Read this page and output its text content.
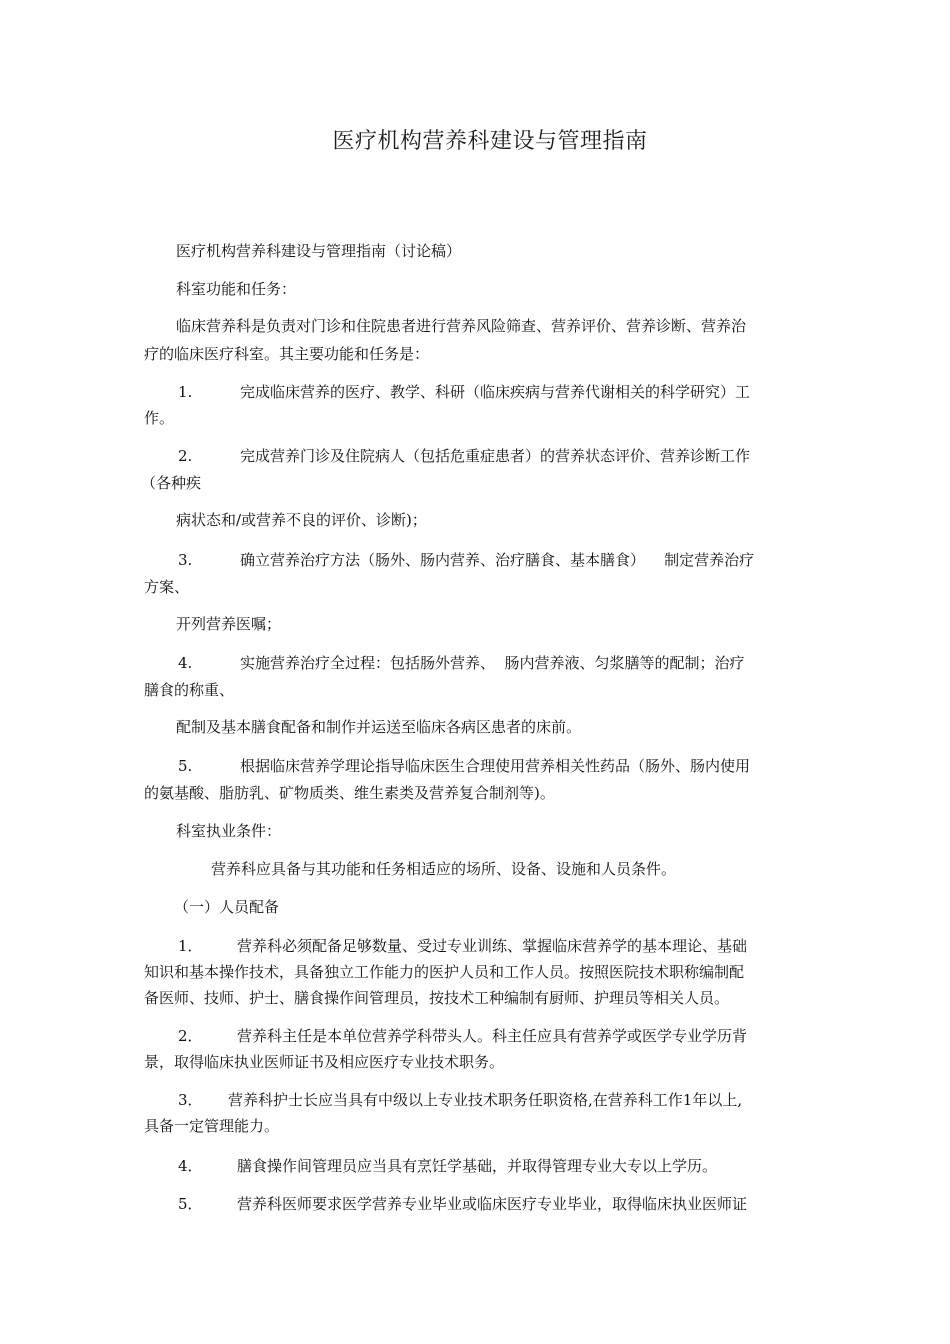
医疗机构营养科建设与管理指南
医疗机构营养科建设与管理指南（讨论稿）
科室功能和任务：
临床营养科是负责对门诊和住院患者进行营养风险筛查、营养评价、营养诊断、营养治
疗的临床医疗科室。其主要功能和任务是：
1.	完成临床营养的医疗、教学、科研（临床疾病与营养代谢相关的科学研究）工
作。
2.	完成营养门诊及住院病人（包括危重症患者）的营养状态评价、营养诊断工作
（各种疾
病状态和/或营养不良的评价、诊断)；
3.	确立营养治疗方法（肠外、肠内营养、治疗膳食、基本膳食）    制定营养治疗
方案、
开列营养医嘱；
4.	实施营养治疗全过程：包括肠外营养、  肠内营养液、匀浆膳等的配制；治疗
膳食的称重、
配制及基本膳食配备和制作并运送至临床各病区患者的床前。
5.	根据临床营养学理论指导临床医生合理使用营养相关性药品（肠外、肠内使用
的氨基酸、脂肪乳、矿物质类、维生素类及营养复合制剂等)。
科室执业条件：
营养科应具备与其功能和任务相适应的场所、设备、设施和人员条件。
（一）人员配备
1． 营养科必须配备足够数量、受过专业训练、掌握临床营养学的基本理论、基础
知识和基本操作技术，具备独立工作能力的医护人员和工作人员。按照医院技术职称编制配
备医师、技师、护士、膳食操作间管理员，按技术工种编制有厨师、护理员等相关人员。
2． 营养科主任是本单位营养学科带头人。科主任应具有营养学或医学专业学历背
景，取得临床执业医师证书及相应医疗专业技术职务。
3． 营养科护士长应当具有中级以上专业技术职务任职资格,在营养科工作1年以上,
具备一定管理能力。
4． 膳食操作间管理员应当具有烹饪学基础，并取得管理专业大专以上学历。
5． 营养科医师要求医学营养专业毕业或临床医疗专业毕业，取得临床执业医师证
